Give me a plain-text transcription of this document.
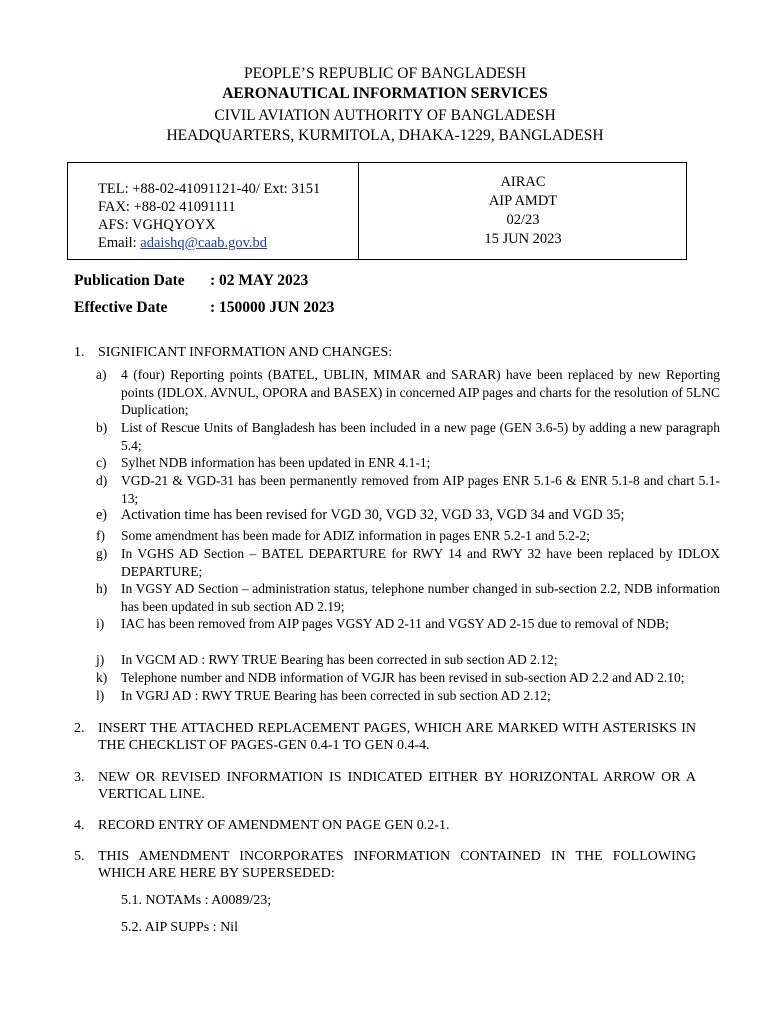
PEOPLE’S REPUBLIC OF BANGLADESH
AERONAUTICAL INFORMATION SERVICES
CIVIL AVIATION AUTHORITY OF BANGLADESH
HEADQUARTERS, KURMITOLA, DHAKA-1229, BANGLADESH
TEL: +88-02-41091121-40/ Ext: 3151
FAX: +88-02 41091111
AFS: VGHQYOYX
Email: adaishq@caab.gov.bd
AIRAC
AIP AMDT
02/23
15 JUN 2023
Publication Date : 02 MAY 2023
Effective Date	: 150000 JUN 2023
1. SIGNIFICANT INFORMATION AND CHANGES:
a) 4 (four) Reporting points (BATEL, UBLIN, MIMAR and SARAR) have been replaced by new Reporting points (IDLOX. AVNUL, OPORA and BASEX) in concerned AIP pages and charts for the resolution of 5LNC Duplication;
b) List of Rescue Units of Bangladesh has been included in a new page (GEN 3.6-5) by adding a new paragraph 5.4;
c) Sylhet NDB information has been updated in ENR 4.1-1;
d) VGD-21 & VGD-31 has been permanently removed from AIP pages ENR 5.1-6 & ENR 5.1-8 and chart 5.1-13;
e) Activation time has been revised for VGD 30, VGD 32, VGD 33, VGD 34 and VGD 35;
f) Some amendment has been made for ADIZ information in pages ENR 5.2-1 and 5.2-2;
g) In VGHS AD Section – BATEL DEPARTURE for RWY 14 and RWY 32 have been replaced by IDLOX DEPARTURE;
h) In VGSY AD Section – administration status, telephone number changed in sub-section 2.2, NDB information has been updated in sub section AD 2.19;
i) IAC has been removed from AIP pages VGSY AD 2-11 and VGSY AD 2-15 due to removal of NDB;
j) In VGCM AD : RWY TRUE Bearing has been corrected in sub section AD 2.12;
k) Telephone number and NDB information of VGJR has been revised in sub-section AD 2.2 and AD 2.10;
l) In VGRJ AD : RWY TRUE Bearing has been corrected in sub section AD 2.12;
2. INSERT THE ATTACHED REPLACEMENT PAGES, WHICH ARE MARKED WITH ASTERISKS IN THE CHECKLIST OF PAGES-GEN 0.4-1 TO GEN 0.4-4.
3. NEW OR REVISED INFORMATION IS INDICATED EITHER BY HORIZONTAL ARROW OR A VERTICAL LINE.
4. RECORD ENTRY OF AMENDMENT ON PAGE GEN 0.2-1.
5. THIS AMENDMENT INCORPORATES INFORMATION CONTAINED IN THE FOLLOWING WHICH ARE HERE BY SUPERSEDED:
5.1. NOTAMs : A0089/23;
5.2. AIP SUPPs : Nil
